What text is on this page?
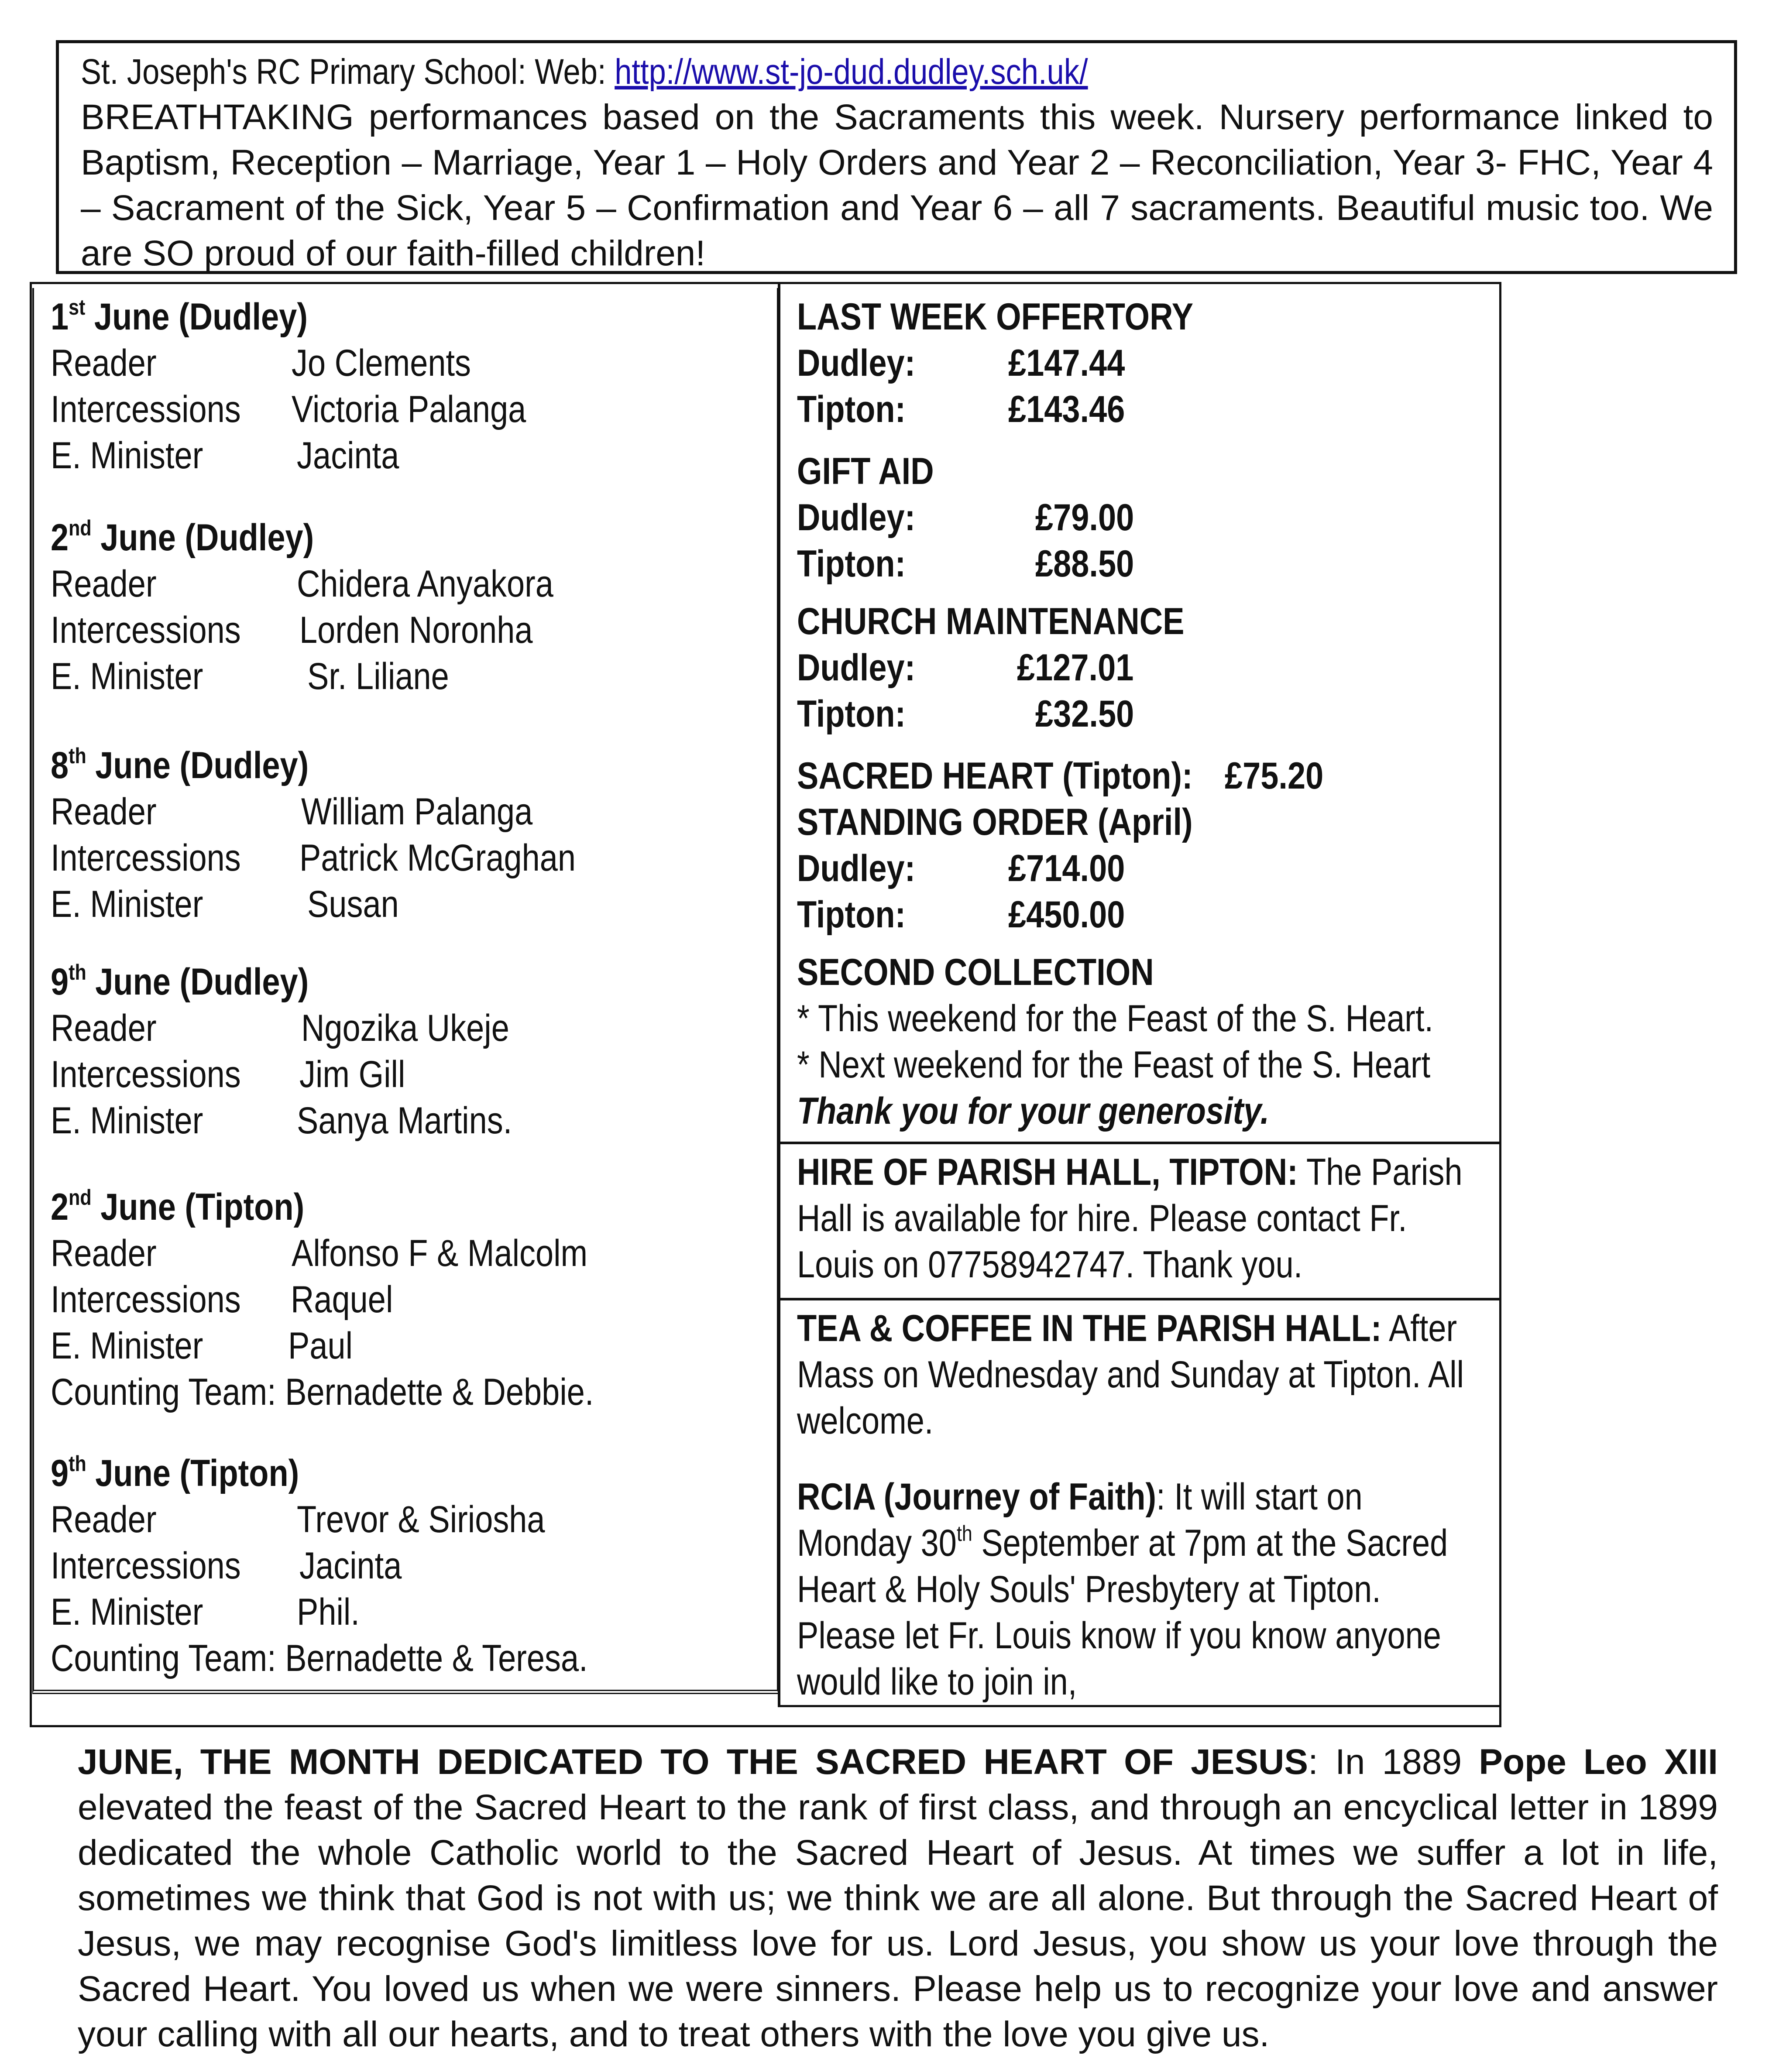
St. Joseph's RC Primary School: Web: http://www.st-jo-dud.dudley.sch.uk/
BREATHTAKING performances based on the Sacraments this week. Nursery performance linked to Baptism, Reception – Marriage, Year 1 – Holy Orders and Year 2 – Reconciliation, Year 3- FHC, Year 4 – Sacrament of the Sick, Year 5 – Confirmation and Year 6 – all 7 sacraments. Beautiful music too. We are SO proud of our faith-filled children!
1st June (Dudley)
Reader	Jo Clements
Intercessions Victoria Palanga
E. Minister Jacinta
2nd June (Dudley)
Reader	Chidera Anyakora
Intercessions Lorden Noronha
E. Minister	Sr. Liliane
8th June (Dudley)
Reader	William Palanga
Intercessions Patrick McGraghan
E. Minister	Susan
9th June (Dudley)
Reader	Ngozika Ukeje
Intercessions Jim Gill
E. Minister Sanya Martins.
2nd June (Tipton)
Reader	Alfonso F & Malcolm
Intercessions Raquel
E. Minister Paul
Counting Team: Bernadette & Debbie.
9th June (Tipton)
Reader	Trevor & Siriosha
Intercessions Jacinta
E. Minister Phil.
Counting Team: Bernadette & Teresa.
LAST WEEK OFFERTORY
Dudley: £147.44
Tipton:	£143.46
GIFT AID
Dudley:	£79.00
Tipton:	£88.50
CHURCH MAINTENANCE
Dudley:	£127.01
Tipton:	£32.50
SACRED HEART (Tipton): £75.20
STANDING ORDER (April)
Dudley: £714.00
Tipton:	£450.00
SECOND COLLECTION
* This weekend for the Feast of the S. Heart.
* Next weekend for the Feast of the S. Heart
Thank you for your generosity.
HIRE OF PARISH HALL, TIPTON: The Parish
Hall is available for hire. Please contact Fr.
Louis on 07758942747. Thank you.
TEA & COFFEE IN THE PARISH HALL: After
Mass on Wednesday and Sunday at Tipton. All
welcome.
RCIA (Journey of Faith): It will start on
Monday 30th September at 7pm at the Sacred
Heart & Holy Souls' Presbytery at Tipton.
Please let Fr. Louis know if you know anyone
would like to join in,
JUNE, THE MONTH DEDICATED TO THE SACRED HEART OF JESUS: In 1889 Pope Leo XIII elevated the feast of the Sacred Heart to the rank of first class, and through an encyclical letter in 1899 dedicated the whole Catholic world to the Sacred Heart of Jesus. At times we suffer a lot in life, sometimes we think that God is not with us; we think we are all alone. But through the Sacred Heart of Jesus, we may recognise God's limitless love for us. Lord Jesus, you show us your love through the Sacred Heart. You loved us when we were sinners. Please help us to recognize your love and answer your calling with all our hearts, and to treat others with the love you give us.
